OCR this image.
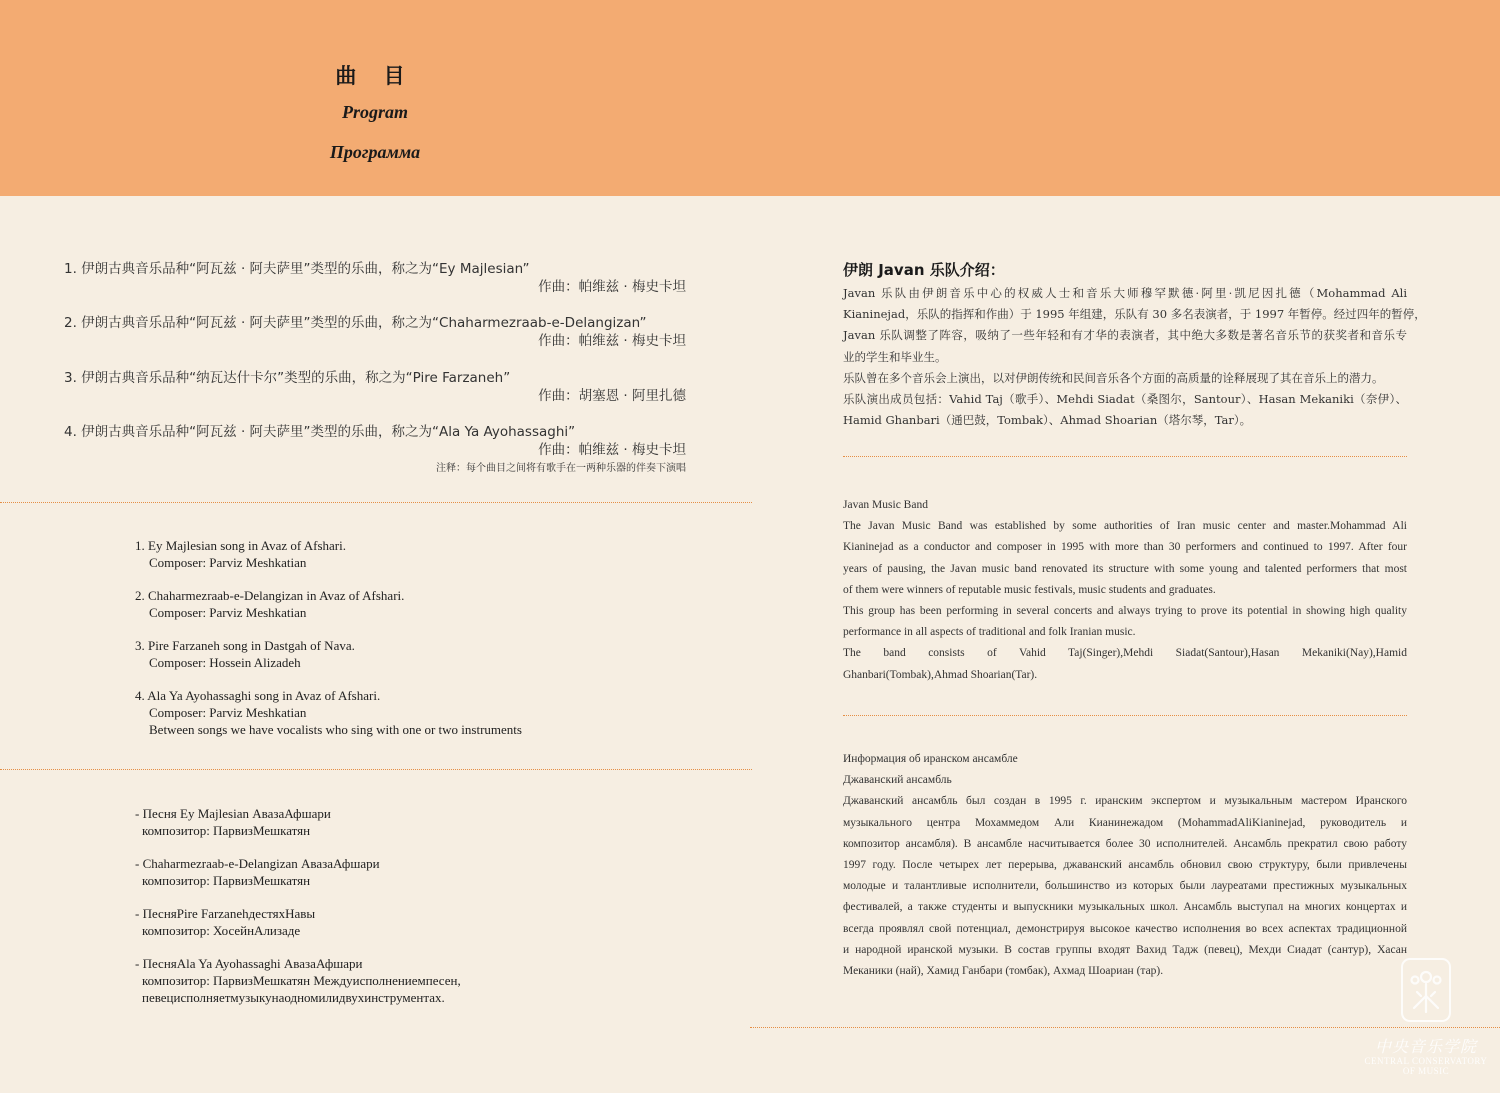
曲 目
Program
Программа
1. 伊朗古典音乐品种“阿瓦兹 · 阿夫萨里”类型的乐曲，称之为“Ey Majlesian”
作曲：帕维兹 · 梅史卡坦
2. 伊朗古典音乐品种“阿瓦兹 · 阿夫萨里”类型的乐曲，称之为“Chaharmezraab-e-Delangizan”
作曲：帕维兹 · 梅史卡坦
3. 伊朗古典音乐品种“纳瓦达什卡尔”类型的乐曲，称之为“Pire Farzaneh”
作曲：胡塞恩 · 阿里扎德
4. 伊朗古典音乐品种“阿瓦兹 · 阿夫萨里”类型的乐曲，称之为“Ala Ya Ayohassaghi”
作曲：帕维兹 · 梅史卡坦
注释：每个曲目之间将有歌手在一两种乐器的伴奏下演唱
1. Ey Majlesian song in Avaz of Afshari.
Composer: Parviz Meshkatian
2. Chaharmezraab-e-Delangizan in Avaz of Afshari.
Composer: Parviz Meshkatian
3. Pire Farzaneh song in Dastgah of Nava.
Composer: Hossein Alizadeh
4. Ala Ya Ayohassaghi song in Avaz of Afshari.
Composer: Parviz Meshkatian
Between songs we have vocalists who sing with one or two instruments
- Песня Ey Majlesian АвазаАфшари
композитор: ПарвизМешкатян
- Chaharmezraab-e-Delangizan АвазаАфшари
композитор: ПарвизМешкатян
- ПесняPire FarzanehдестяхНавы
композитор: ХосейнАлизаде
- ПесняAla Ya Ayohassaghi АвазаАфшари
композитор: ПарвизМешкатян Междуисполнениемпесен,
певецисполняетмузыкунаодномилидвухинструментах.
伊朗 Javan 乐队介绍：
Javan 乐队由伊朗音乐中心的权威人士和音乐大师穆罕默德·阿里·凯尼因扎德（Mohammad Ali
Kianinejad，乐队的指挥和作曲）于 1995 年组建，乐队有 30 多名表演者，于 1997 年暂停。经过四年的暂停，
Javan 乐队调整了阵容，吸纳了一些年轻和有才华的表演者，其中绝大多数是著名音乐节的获奖者和音乐专
业的学生和毕业生。
乐队曾在多个音乐会上演出，以对伊朗传统和民间音乐各个方面的高质量的诠释展现了其在音乐上的潜力。
乐队演出成员包括：Vahid Taj（歌手）、Mehdi Siadat（桑图尔，Santour）、Hasan Mekaniki（奈伊）、
Hamid Ghanbari（通巴鼓，Tombak）、Ahmad Shoarian（塔尔琴，Tar）。
Javan Music Band
The Javan Music Band was established by some authorities of Iran music center and master.Mohammad Ali
Kianinejad as a conductor and composer in 1995 with more than 30 performers and continued to 1997. After four
years of pausing, the Javan music band renovated its structure with some young and talented performers that most
of them were winners of reputable music festivals, music students and graduates.
This group has been performing in several concerts and always trying to prove its potential in showing high quality
performance in all aspects of traditional and folk Iranian music.
The band consists of Vahid Taj(Singer),Mehdi Siadat(Santour),Hasan Mekaniki(Nay),Hamid
Ghanbari(Tombak),Ahmad Shoarian(Tar).
Информация об иранском ансамбле
Джаванский ансамбль
Джаванский ансамбль был создан в 1995 г. иранским экспертом и музыкальным мастером Иранского
музыкального центра Мохаммедом Али Кианинежадом (MohammadAliKianinejad, руководитель и
композитор ансамбля). В ансамбле насчитывается более 30 исполнителей. Ансамбль прекратил свою работу
1997 году. После четырех лет перерыва, джаванский ансамбль обновил свою структуру, были привлечены
молодые и талантливые исполнители, большинство из которых были лауреатами престижных музыкальных
фестивалей, а также студенты и выпускники музыкальных школ. Ансамбль выступал на многих концертах и
всегда проявлял свой потенциал, демонстрируя высокое качество исполнения во всех аспектах традиционной
и народной иранской музыки. В состав группы входят Вахид Тадж (певец), Мехди Сиадат (сантур), Хасан
Меканики (най), Хамид Ганбари (томбак), Ахмад Шоариан (тар).
中央音乐学院
CENTRAL CONSERVATORY
OF MUSIC
